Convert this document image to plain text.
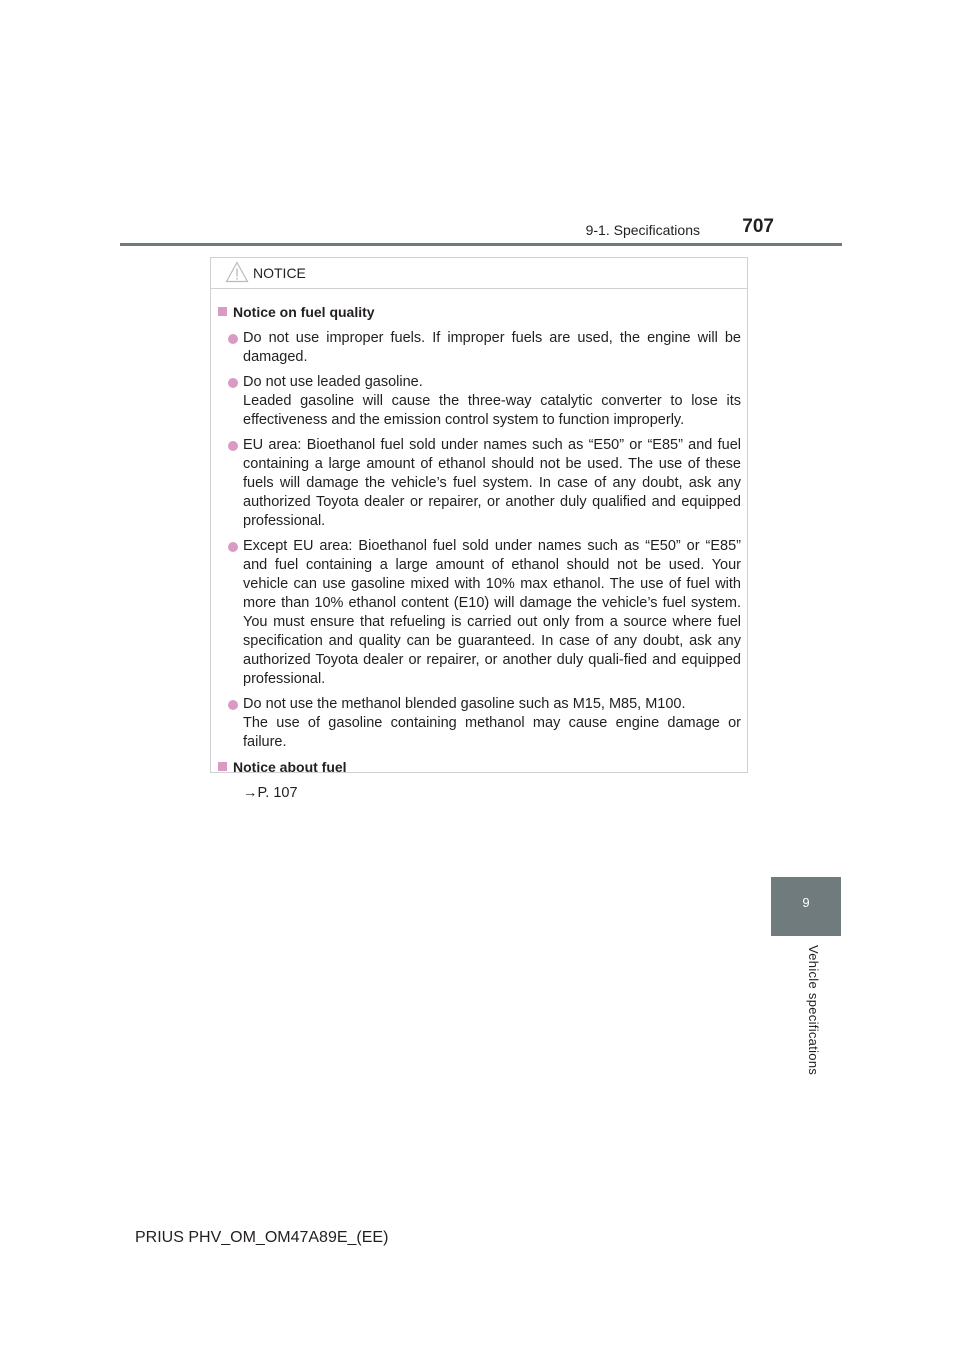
9-1. Specifications 707
NOTICE
Notice on fuel quality

Do not use improper fuels. If improper fuels are used, the engine will be damaged.

Do not use leaded gasoline.

Leaded gasoline will cause the three-way catalytic converter to lose its effectiveness and the emission control system to function improperly.

EU area: Bioethanol fuel sold under names such as “E50” or “E85” and fuel containing a large amount of ethanol should not be used. The use of these fuels will damage the vehicle’s fuel system. In case of any doubt, ask any authorized Toyota dealer or repairer, or another duly qualified and equipped professional.

Except EU area: Bioethanol fuel sold under names such as “E50” or “E85” and fuel containing a large amount of ethanol should not be used. Your vehicle can use gasoline mixed with 10% max ethanol. The use of fuel with more than 10% ethanol content (E10) will damage the vehicle’s fuel system. You must ensure that refueling is carried out only from a source where fuel specification and quality can be guaranteed. In case of any doubt, ask any authorized Toyota dealer or repairer, or another duly quali-fied and equipped professional.

Do not use the methanol blended gasoline such as M15, M85, M100.

The use of gasoline containing methanol may cause engine damage or failure.

Notice about fuel
→P. 107
9
Vehicle specifications
PRIUS PHV_OM_OM47A89E_(EE)
